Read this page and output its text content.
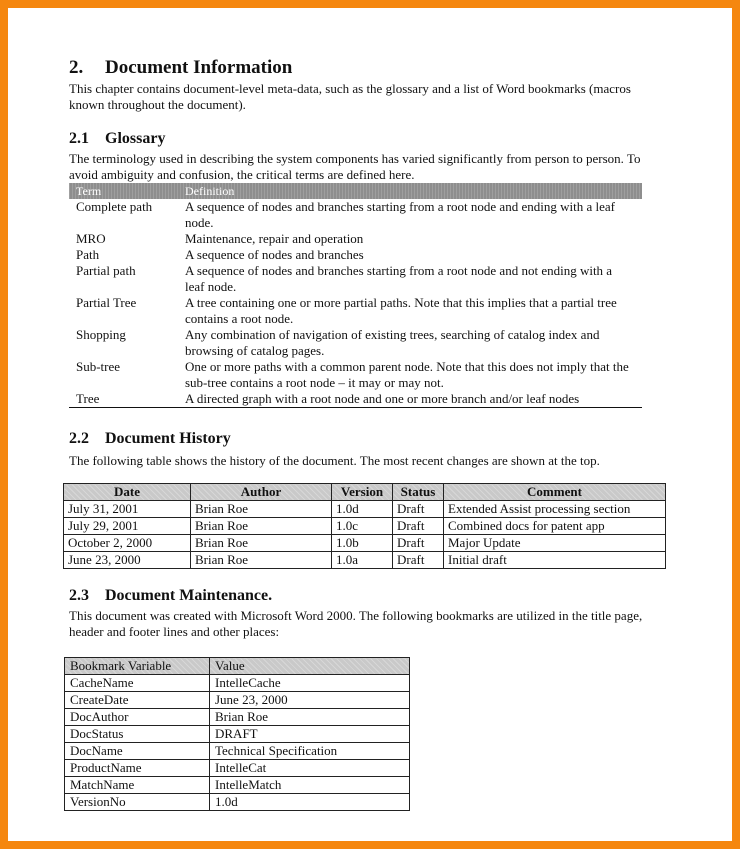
2. Document Information
This chapter contains document-level meta-data, such as the glossary and a list of Word bookmarks (macros known throughout the document).
2.1 Glossary
The terminology used in describing the system components has varied significantly from person to person. To avoid ambiguity and confusion, the critical terms are defined here.
Term	Definition
Complete path	A sequence of nodes and branches starting from a root node and ending with a leaf node.
MRO	Maintenance, repair and operation
Path	A sequence of nodes and branches
Partial path	A sequence of nodes and branches starting from a root node and not ending with a leaf node.
Partial Tree	A tree containing one or more partial paths. Note that this implies that a partial tree contains a root node.
Shopping	Any combination of navigation of existing trees, searching of catalog index and browsing of catalog pages.
Sub-tree	One or more paths with a common parent node. Note that this does not imply that the sub-tree contains a root node – it may or may not.
Tree	A directed graph with a root node and one or more branch and/or leaf nodes
2.2 Document History
The following table shows the history of the document. The most recent changes are shown at the top.
Date	Author	Version	Status	Comment
July 31, 2001	Brian Roe	1.0d	Draft	Extended Assist processing section
July 29, 2001	Brian Roe	1.0c	Draft	Combined docs for patent app
October 2, 2000	Brian Roe	1.0b	Draft	Major Update
June 23, 2000	Brian Roe	1.0a	Draft	Initial draft
2.3 Document Maintenance.
This document was created with Microsoft Word 2000. The following bookmarks are utilized in the title page, header and footer lines and other places:
Bookmark Variable	Value
CacheName	IntelleCache
CreateDate	June 23, 2000
DocAuthor	Brian Roe
DocStatus	DRAFT
DocName	Technical Specification
ProductName	IntelleCat
MatchName	IntelleMatch
VersionNo	1.0d
